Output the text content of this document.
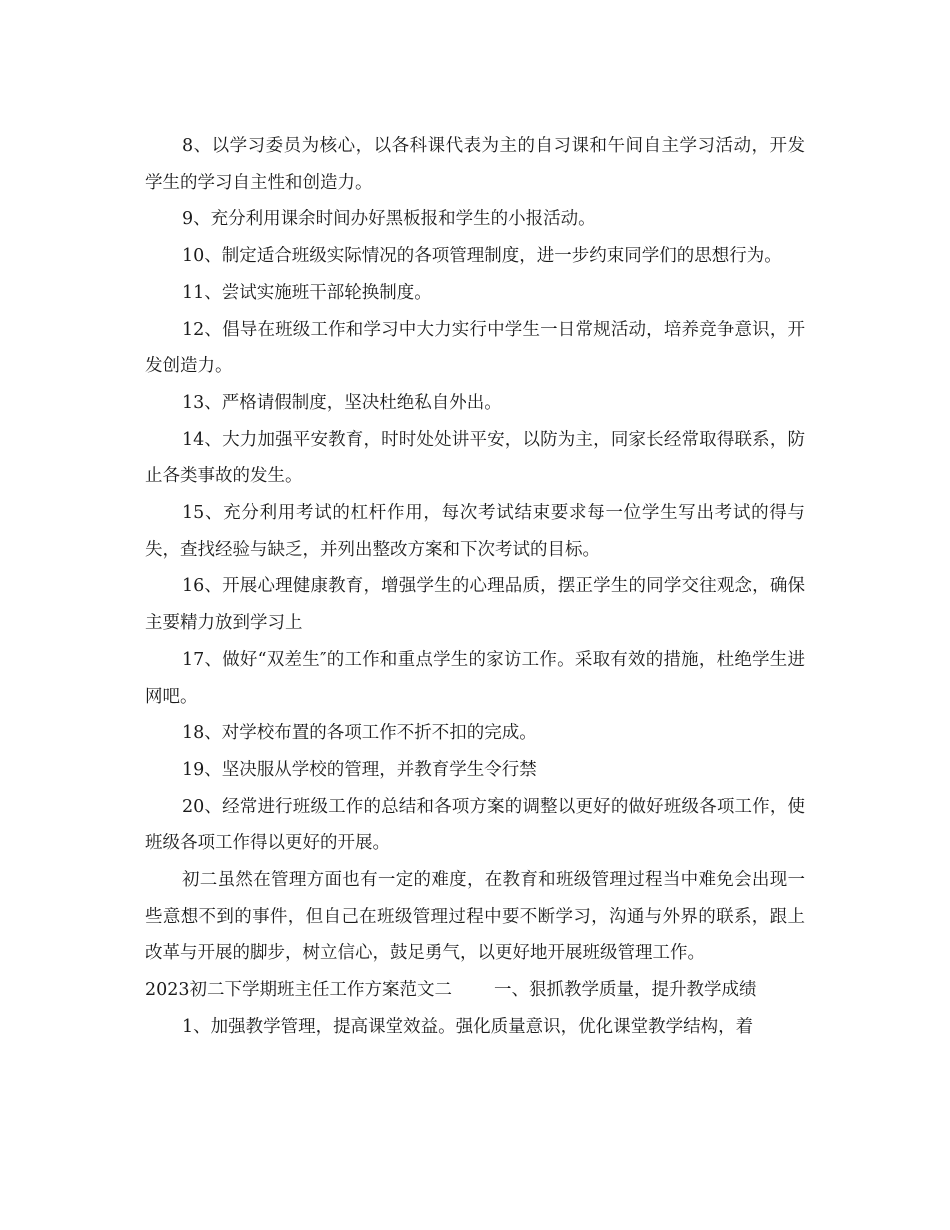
8、以学习委员为核心，以各科课代表为主的自习课和午间自主学习活动，开发学生的学习自主性和创造力。

9、充分利用课余时间办好黑板报和学生的小报活动。

10、制定适合班级实际情况的各项管理制度，进一步约束同学们的思想行为。

11、尝试实施班干部轮换制度。

12、倡导在班级工作和学习中大力实行中学生一日常规活动，培养竞争意识，开发创造力。

13、严格请假制度，坚决杜绝私自外出。

14、大力加强平安教育，时时处处讲平安，以防为主，同家长经常取得联系，防止各类事故的发生。

15、充分利用考试的杠杆作用，每次考试结束要求每一位学生写出考试的得与失，查找经验与缺乏，并列出整改方案和下次考试的目标。

16、开展心理健康教育，增强学生的心理品质，摆正学生的同学交往观念，确保主要精力放到学习上

17、做好“双差生″的工作和重点学生的家访工作。采取有效的措施，杜绝学生进网吧。

18、对学校布置的各项工作不折不扣的完成。

19、坚决服从学校的管理，并教育学生令行禁

20、经常进行班级工作的总结和各项方案的调整以更好的做好班级各项工作，使班级各项工作得以更好的开展。

初二虽然在管理方面也有一定的难度，在教育和班级管理过程当中难免会出现一些意想不到的事件，但自己在班级管理过程中要不断学习，沟通与外界的联系，跟上改革与开展的脚步，树立信心，鼓足勇气，以更好地开展班级管理工作。

2023初二下学期班主任工作方案范文二 一、狠抓教学质量，提升教学成绩

1、加强教学管理，提高课堂效益。强化质量意识，优化课堂教学结构，着
